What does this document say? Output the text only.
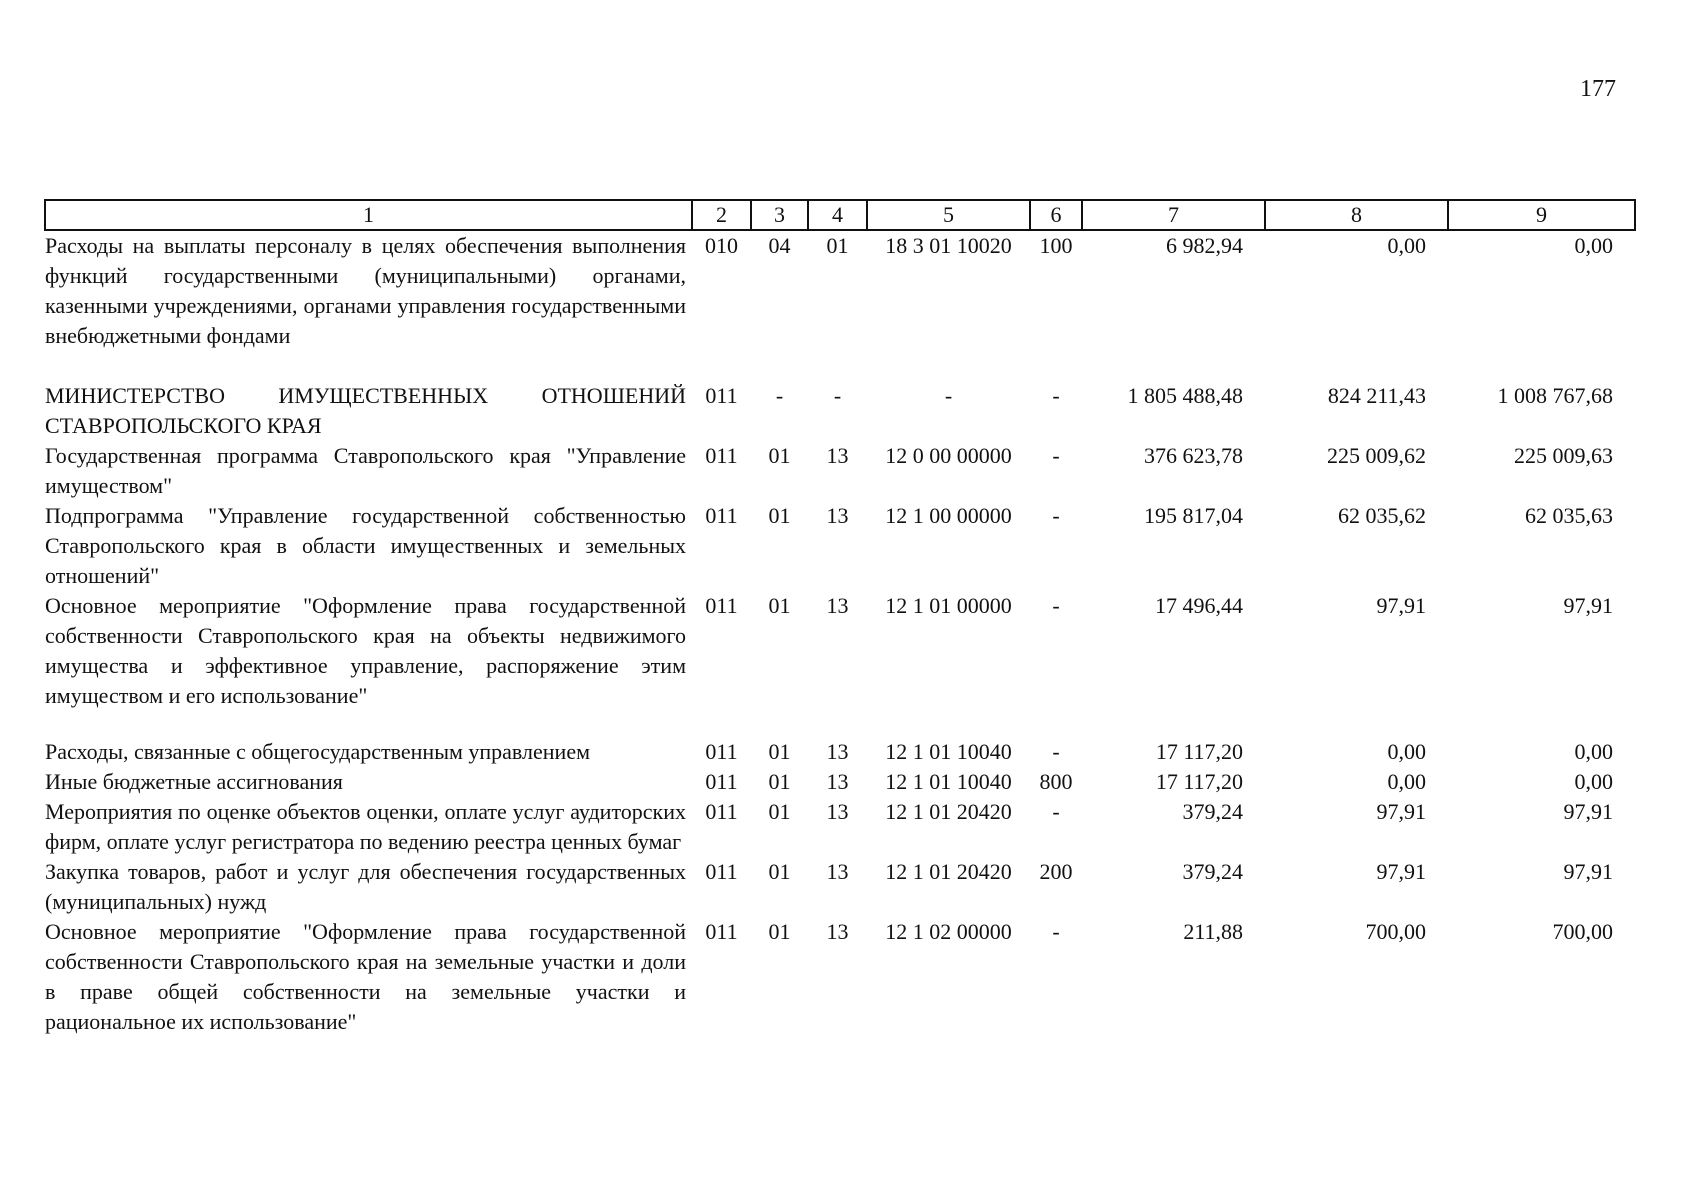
177
1	2	3	4	5	6	7	8	9
Расходы на выплаты персоналу в целях обеспечения выполнения функций государственными (муниципальными) органами, казенными учреждениями, органами управления государственными внебюджетными фондами	010	04	01	18 3 01 10020	100	6 982,94	0,00	0,00
МИНИСТЕРСТВО ИМУЩЕСТВЕННЫХ ОТНОШЕНИЙ СТАВРОПОЛЬСКОГО КРАЯ	011	-	-	-	-	1 805 488,48	824 211,43	1 008 767,68
Государственная программа Ставропольского края "Управление имуществом"	011	01	13	12 0 00 00000	-	376 623,78	225 009,62	225 009,63
Подпрограмма "Управление государственной собственностью Ставропольского края в области имущественных и земельных отношений"	011	01	13	12 1 00 00000	-	195 817,04	62 035,62	62 035,63
Основное мероприятие "Оформление права государственной собственности Ставропольского края на объекты недвижимого имущества и эффективное управление, распоряжение этим имуществом и его использование"	011	01	13	12 1 01 00000	-	17 496,44	97,91	97,91
Расходы, связанные с общегосударственным управлением	011	01	13	12 1 01 10040	-	17 117,20	0,00	0,00
Иные бюджетные ассигнования	011	01	13	12 1 01 10040	800	17 117,20	0,00	0,00
Мероприятия по оценке объектов оценки, оплате услуг аудиторских фирм, оплате услуг регистратора по ведению реестра ценных бумаг	011	01	13	12 1 01 20420	-	379,24	97,91	97,91
Закупка товаров, работ и услуг для обеспечения государственных (муниципальных) нужд	011	01	13	12 1 01 20420	200	379,24	97,91	97,91
Основное мероприятие "Оформление права государственной собственности Ставропольского края на земельные участки и доли в праве общей собственности на земельные участки и рациональное их использование"	011	01	13	12 1 02 00000	-	211,88	700,00	700,00
